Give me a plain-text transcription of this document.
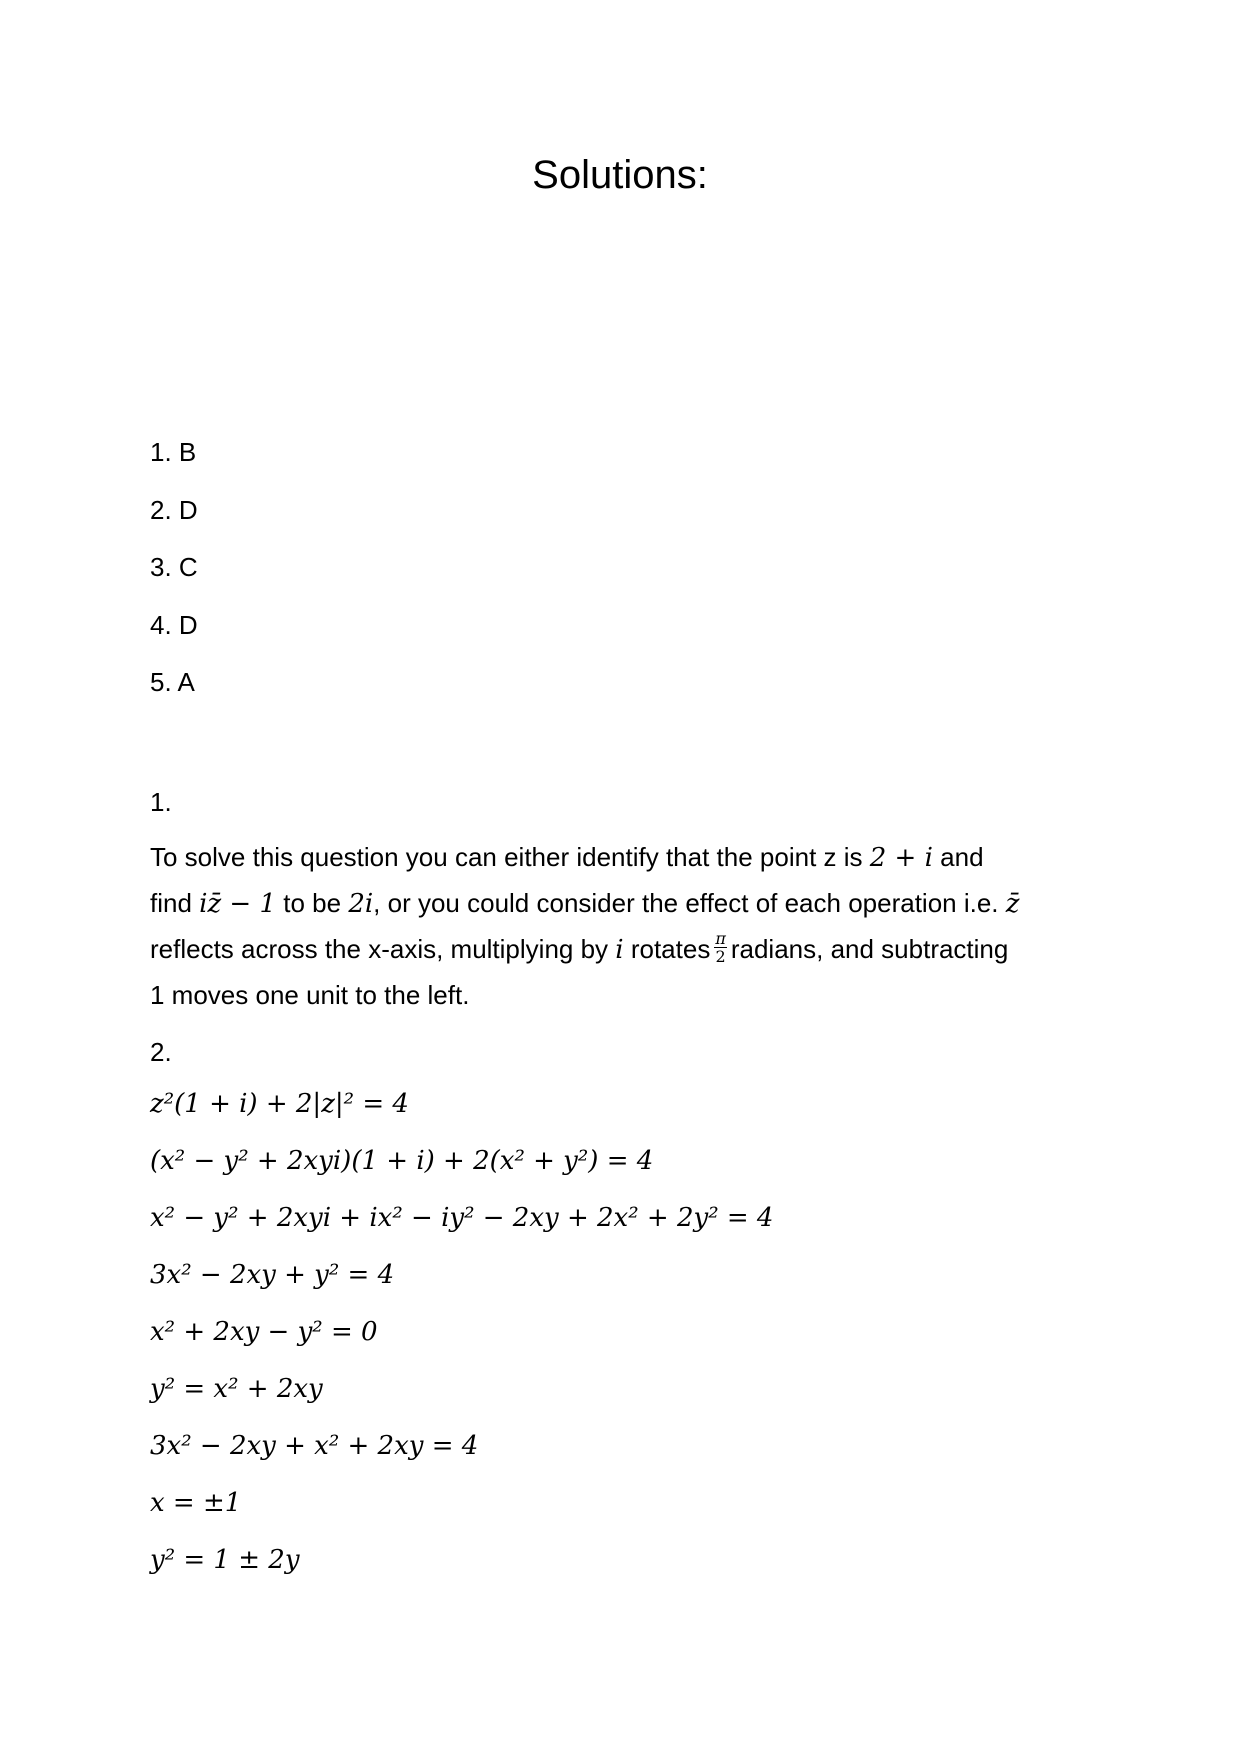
Solutions:
1. B
2. D
3. C
4. D
5. A
1.
To solve this question you can either identify that the point z is 2 + i and
find iz̄ − 1 to be 2i, or you could consider the effect of each operation i.e. z̄
reflects across the x-axis, multiplying by i rotates $\frac{\pi}{2}$ radians, and subtracting
1 moves one unit to the left.
2.
z²(1 + i) + 2|z|² = 4
(x² − y² + 2xyi)(1 + i) + 2(x² + y²) = 4
x² − y² + 2xyi + ix² − iy² − 2xy + 2x² + 2y² = 4
3x² − 2xy + y² = 4
x² + 2xy − y² = 0
y² = x² + 2xy
3x² − 2xy + x² + 2xy = 4
x = ±1
y² = 1 ± 2y
